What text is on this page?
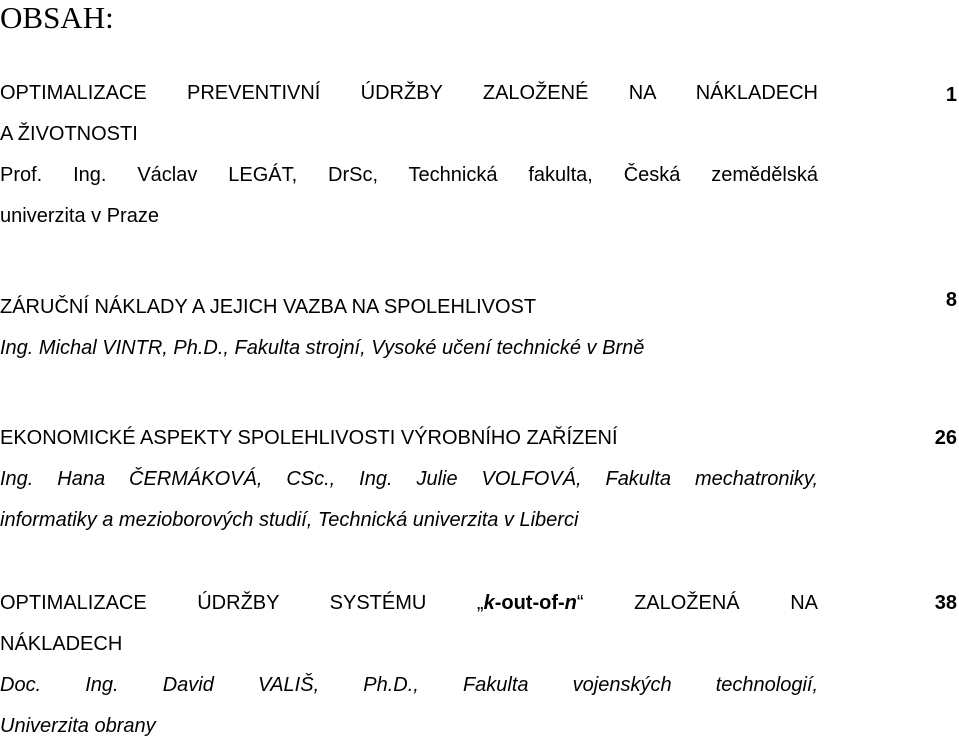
OBSAH:
OPTIMALIZACE PREVENTIVNÍ ÚDRŽBY ZALOŽENÉ NA NÁKLADECH
A ŽIVOTNOSTI
Prof. Ing. Václav LEGÁT, DrSc, Technická fakulta, Česká zemědělská
univerzita v Praze
1
ZÁRUČNÍ NÁKLADY A JEJICH VAZBA NA SPOLEHLIVOST
Ing. Michal VINTR, Ph.D., Fakulta strojní, Vysoké učení technické v Brně
8
EKONOMICKÉ ASPEKTY SPOLEHLIVOSTI VÝROBNÍHO ZAŘÍZENÍ
Ing. Hana ČERMÁKOVÁ, CSc., Ing. Julie VOLFOVÁ, Fakulta mechatroniky,
informatiky a mezioborových studií, Technická univerzita v Liberci
26
OPTIMALIZACE ÚDRŽBY SYSTÉMU „k-out-of-n“ ZALOŽENÁ NA
NÁKLADECH
Doc. Ing. David VALIŠ, Ph.D., Fakulta vojenských technologií,
Univerzita obrany
38
